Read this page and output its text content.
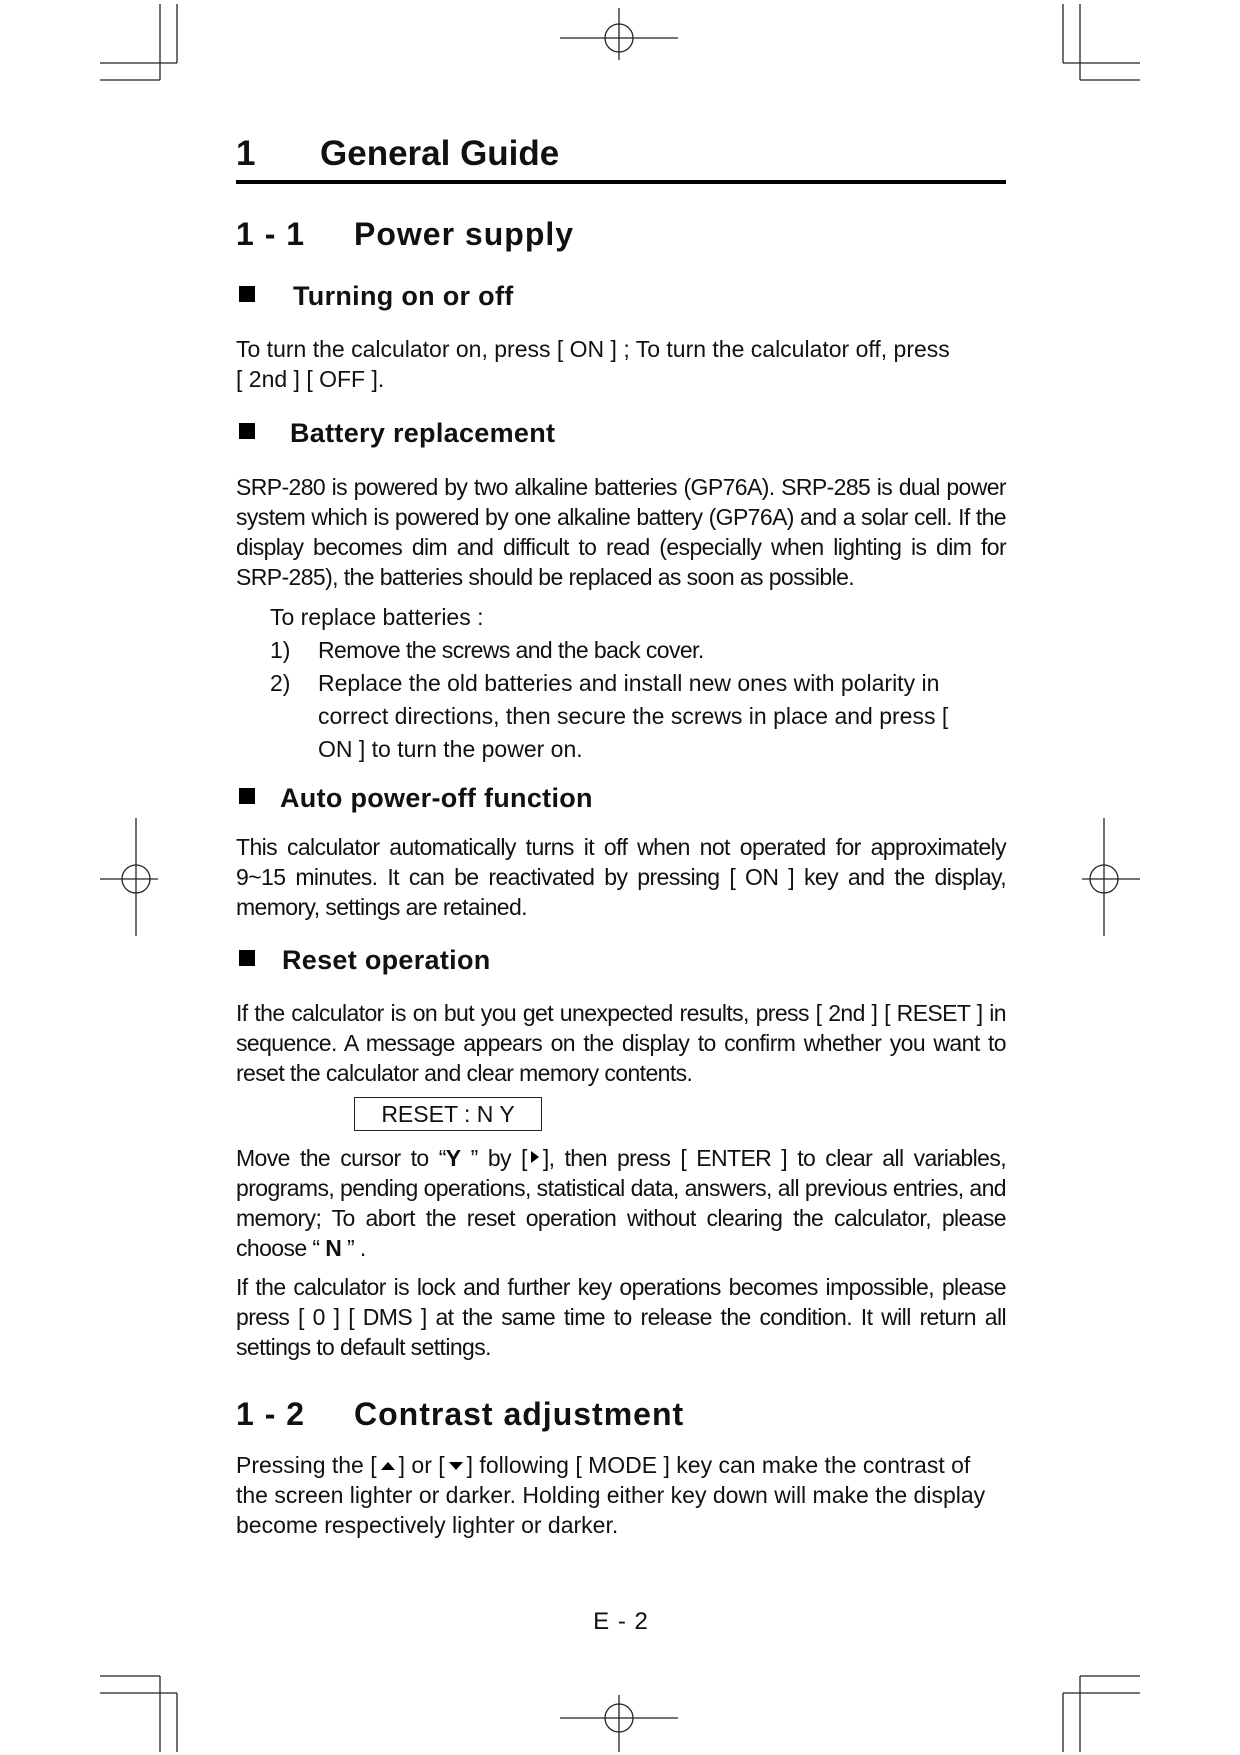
1 General Guide
1 - 1 Power supply
Turning on or off

To turn the calculator on, press [ ON ] ; To turn the calculator off, press

[ 2nd ] [ OFF ].

Battery replacement

SRP-280 is powered by two alkaline batteries (GP76A). SRP-285 is dual power system which is powered by one alkaline battery (GP76A) and a solar cell. If the display becomes dim and difficult to read (especially when lighting is dim for SRP-285), the batteries should be replaced as soon as possible.

To replace batteries :

1) Remove the screws and the back cover.
2) Replace the old batteries and install new ones with polarity in correct directions, then secure the screws in place and press [ ON ] to turn the power on.
Auto power-off function

This calculator automatically turns it off when not operated for approximately 9~15 minutes. It can be reactivated by pressing [ ON ] key and the display, memory, settings are retained.

Reset operation

If the calculator is on but you get unexpected results, press [ 2nd ] [ RESET ] in sequence. A message appears on the display to confirm whether you want to reset the calculator and clear memory contents.

RESET : N Y

Move the cursor to “Y ” by [ ], then press [ ENTER ] to clear all variables, programs, pending operations, statistical data, answers, all previous entries, and memory; To abort the reset operation without clearing the calculator, please choose “ N ” .

If the calculator is lock and further key operations becomes impossible, please press [ 0 ] [ DMS ] at the same time to release the condition. It will return all settings to default settings.

1 - 2 Contrast adjustment

Pressing the [ ] or [ ] following [ MODE ] key can make the contrast of the screen lighter or darker. Holding either key down will make the display become respectively lighter or darker.

E - 2
